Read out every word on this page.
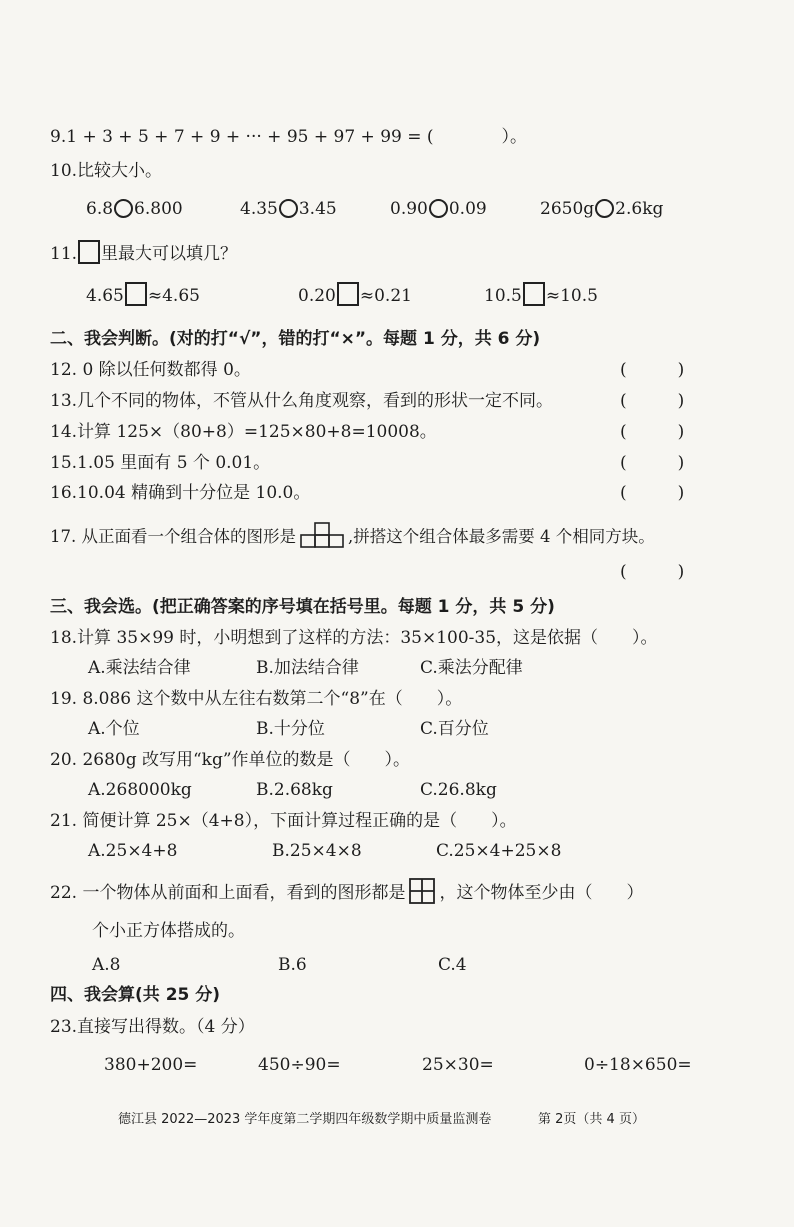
9.1 + 3 + 5 + 7 + 9 + ··· + 95 + 97 + 99 = (　　　　）。
10.比较大小。
6.8 6.800	4.35 3.45	0.90 0.09	2650g 2.6kg
11. 里最大可以填几？
4.65 ≈4.65	0.20 ≈0.21	10.5 ≈10.5
二、我会判断。(对的打“√”，错的打“×”。每题 1 分，共 6 分)
12. 0 除以任何数都得 0。	(　　　)
13.几个不同的物体，不管从什么角度观察，看到的形状一定不同。	(　　　)
14.计算 125×（80+8）=125×80+8=10008。	(　　　)
15.1.05 里面有 5 个 0.01。	(　　　)
16.10.04 精确到十分位是 10.0。	(　　　)
17. 从正面看一个组合体的图形是	,拼搭这个组合体最多需要 4 个相同方块。
(　　　)
三、我会选。(把正确答案的序号填在括号里。每题 1 分，共 5 分)
18.计算 35×99 时，小明想到了这样的方法：35×100-35，这是依据（　　）。
A.乘法结合律	B.加法结合律	C.乘法分配律
19. 8.086 这个数中从左往右数第二个“8”在（　　）。
A.个位	B.十分位	C.百分位
20. 2680g 改写用“kg”作单位的数是（　　）。
A.268000kg	B.2.68kg	C.26.8kg
21. 简便计算 25×（4+8），下面计算过程正确的是（　　）。
A.25×4+8	B.25×4×8	C.25×4+25×8
22. 一个物体从前面和上面看，看到的图形都是 ，这个物体至少由（　　）
个小正方体搭成的。
A.8	B.6	C.4
四、我会算(共 25 分)
23.直接写出得数。（4 分）
380+200=	450÷90=	25×30=	0÷18×650=
德江县 2022—2023 学年度第二学期四年级数学期中质量监测卷	第 2页（共 4 页）
